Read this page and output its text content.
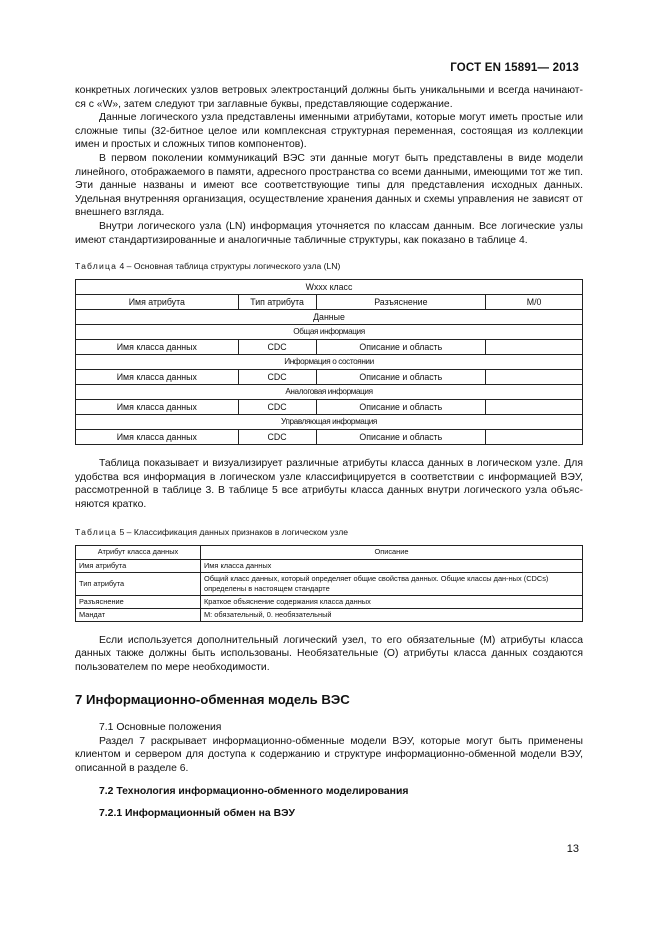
ГОСТ EN 15891— 2013

конкретных логических узлов ветровых электростанций должны быть уникальными и всегда начинают-ся с «W», затем следуют три заглавные буквы, представляющие содержание.

Данные логического узла представлены именными атрибутами, которые могут иметь простые или сложные типы (32-битное целое или комплексная структурная переменная, состоящая из коллекции имен и простых и сложных типов компонентов).

В первом поколении коммуникаций ВЭС эти данные могут быть представлены в виде модели линейного, отображаемого в памяти, адресного пространства со всеми данными, имеющими тот же тип. Эти данные названы и имеют все соответствующие типы для представления исходных данных. Удельная внутренняя организация, осуществление хранения данных и схемы управления не зависят от внешнего взгляда.

Внутри логического узла (LN) информация уточняется по классам данным. Все логические узлы имеют стандартизированные и аналогичные табличные структуры, как показано в таблице 4.

Таблица 4 – Основная таблица структуры логического узла (LN)
Wxxx класс			
Имя атрибута	Тип атрибута	Разъяснение	М/0
Данные			
Общая информация			
Имя класса данных	CDC	Описание и область	
Информация о состоянии			
Имя класса данных	CDC	Описание и область	
Аналоговая информация			
Имя класса данных	CDC	Описание и область	
Управляющая информация			
Имя класса данных	CDC	Описание и область	

Таблица показывает и визуализирует различные атрибуты класса данных в логическом узле. Для удобства вся информация в логическом узле классифицируется в соответствии с информацией ВЭУ, рассмотренной в таблице 3. В таблице 5 все атрибуты класса данных внутри логического узла объяс-няются кратко.

Таблица 5 – Классификация данных признаков в логическом узле
Атрибут класса данных	Описание
Имя атрибута	Имя класса данных
Тип атрибута	Общий класс данных, который определяет общие свойства данных. Общие классы дан-ных (CDCs) определены в настоящем стандарте
Разъяснение	Краткое объяснение содержания класса данных
Мандат	М: обязательный, 0. необязательный

Если используется дополнительный логический узел, то его обязательные (М) атрибуты класса данных также должны быть использованы. Необязательные (О) атрибуты класса данных создаются пользователем по мере необходимости.

7 Информационно-обменная модель ВЭС

7.1 Основные положения

Раздел 7 раскрывает информационно-обменные модели ВЭУ, которые могут быть применены клиентом и сервером для доступа к содержанию и структуре информационно-обменной модели ВЭУ, описанной в разделе 6.

7.2 Технология информационно-обменного моделирования
7.2.1 Информационный обмен на ВЭУ
13
